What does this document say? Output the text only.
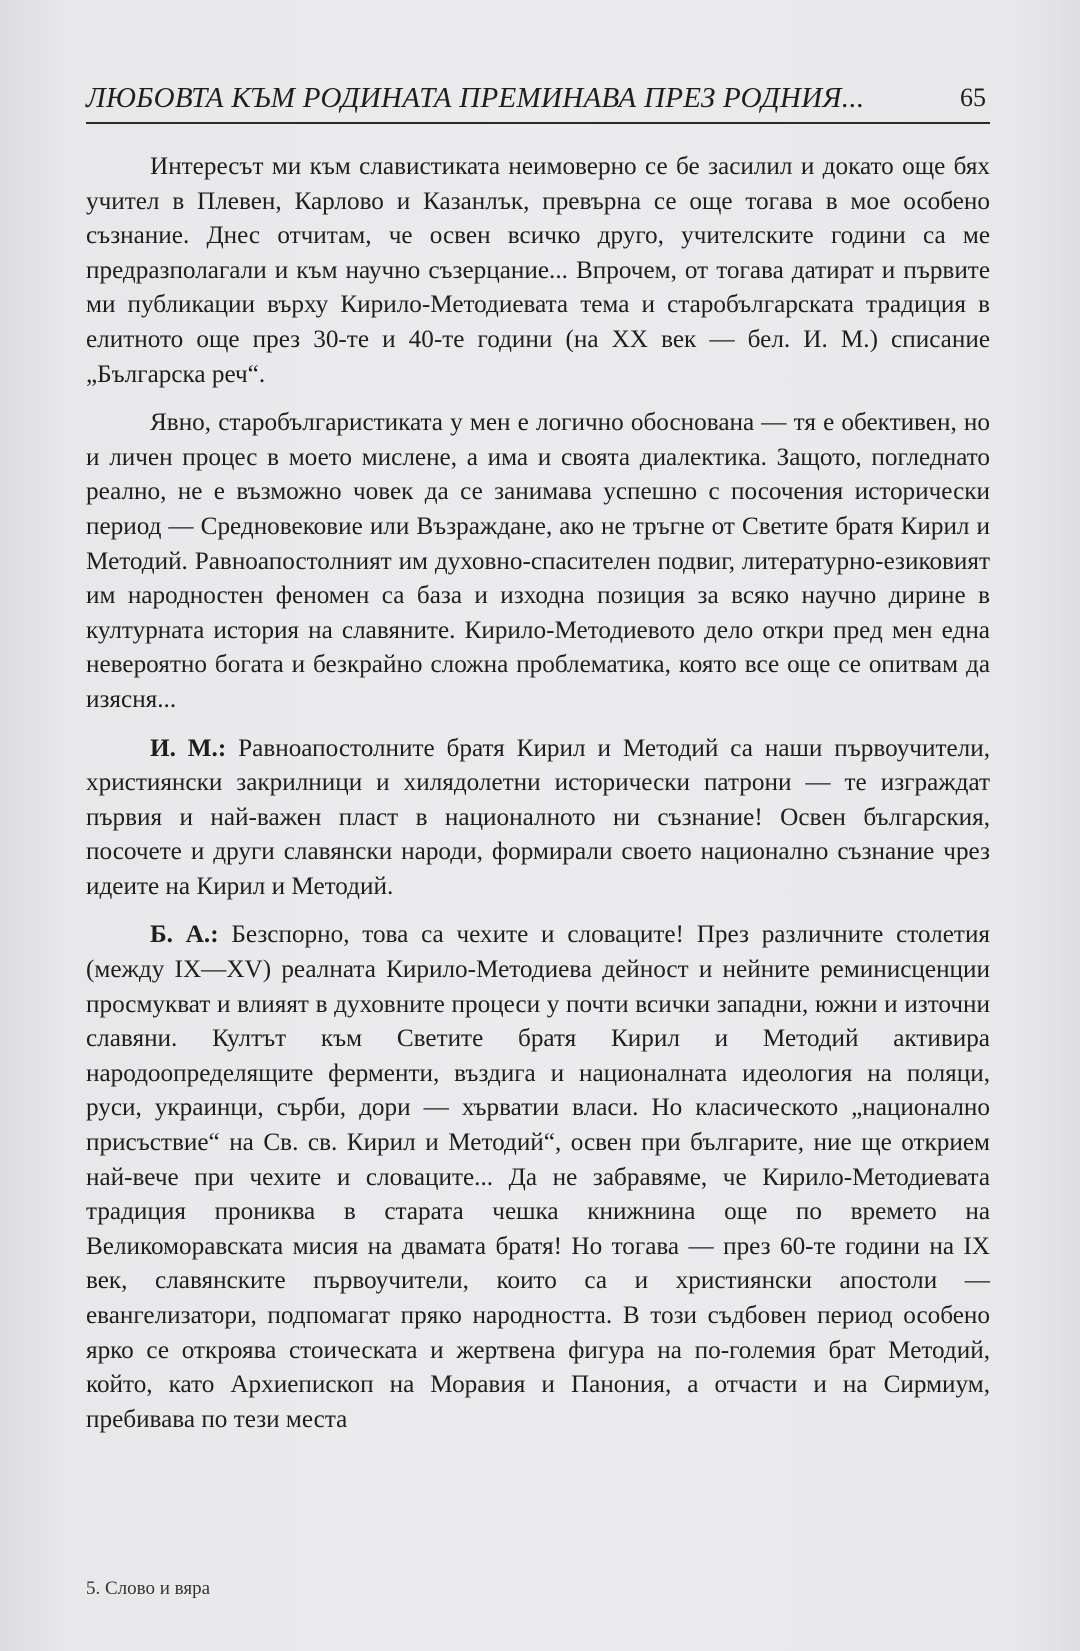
ЛЮБОВТА КЪМ РОДИНАТА ПРЕМИНАВА ПРЕЗ РОДНИЯ...	65

Интересът ми към славистиката неимоверно се бе засилил и докато още бях учител в Плевен, Карлово и Казанлък, превърна се още тогава в мое особено съзнание. Днес отчитам, че освен всичко друго, учителските години са ме предразполагали и към научно съзерцание... Впрочем, от тогава датират и първите ми публикации върху Кирило-Методиевата тема и старобългарската традиция в елитното още през 30-те и 40-те години (на XX век — бел. И. М.) списание „Българска реч“.

Явно, старобългаристиката у мен е логично обоснована — тя е обективен, но и личен процес в моето мислене, а има и своята диалектика. Защото, погледнато реално, не е възможно човек да се занимава успешно с посочения исторически период — Средновековие или Възраждане, ако не тръгне от Светите братя Кирил и Методий. Равноапостолният им духовно-спасителен подвиг, литературно-езиковият им народностен феномен са база и изходна позиция за всяко научно дирине в културната история на славяните. Кирило-Методиевото дело откри пред мен една невероятно богата и безкрайно сложна проблематика, която все още се опитвам да изясня...

И. М.: Равноапостолните братя Кирил и Методий са наши първоучители, християнски закрилници и хилядолетни исторически патрони — те изграждат първия и най-важен пласт в националното ни съзнание! Освен българския, посочете и други славянски народи, формирали своето национално съзнание чрез идеите на Кирил и Методий.

Б. А.: Безспорно, това са чехите и словаците! През различните столетия (между IX—XV) реалната Кирило-Методиева дейност и нейните реминисценции просмукват и влияят в духовните процеси у почти всички западни, южни и източни славяни. Култът към Светите братя Кирил и Методий активира народоопределящите ферменти, въздига и националната идеология на поляци, руси, украинци, сърби, дори — хърватии власи. Но класическото „национално присъствие“ на Св. св. Кирил и Методий“, освен при българите, ние ще открием най-вече при чехите и словаците... Да не забравяме, че Кирило-Методиевата традиция прониква в старата чешка книжнина още по времето на Великоморавската мисия на двамата братя! Но тогава — през 60-те години на IX век, славянските първоучители, които са и християнски апостоли — евангелизатори, подпомагат пряко народността. В този съдбовен период особено ярко се откроява стоическата и жертвена фигура на по-големия брат Методий, който, като Архиепископ на Моравия и Панония, а отчасти и на Сирмиум, пребивава по тези места

5. Слово и вяра
